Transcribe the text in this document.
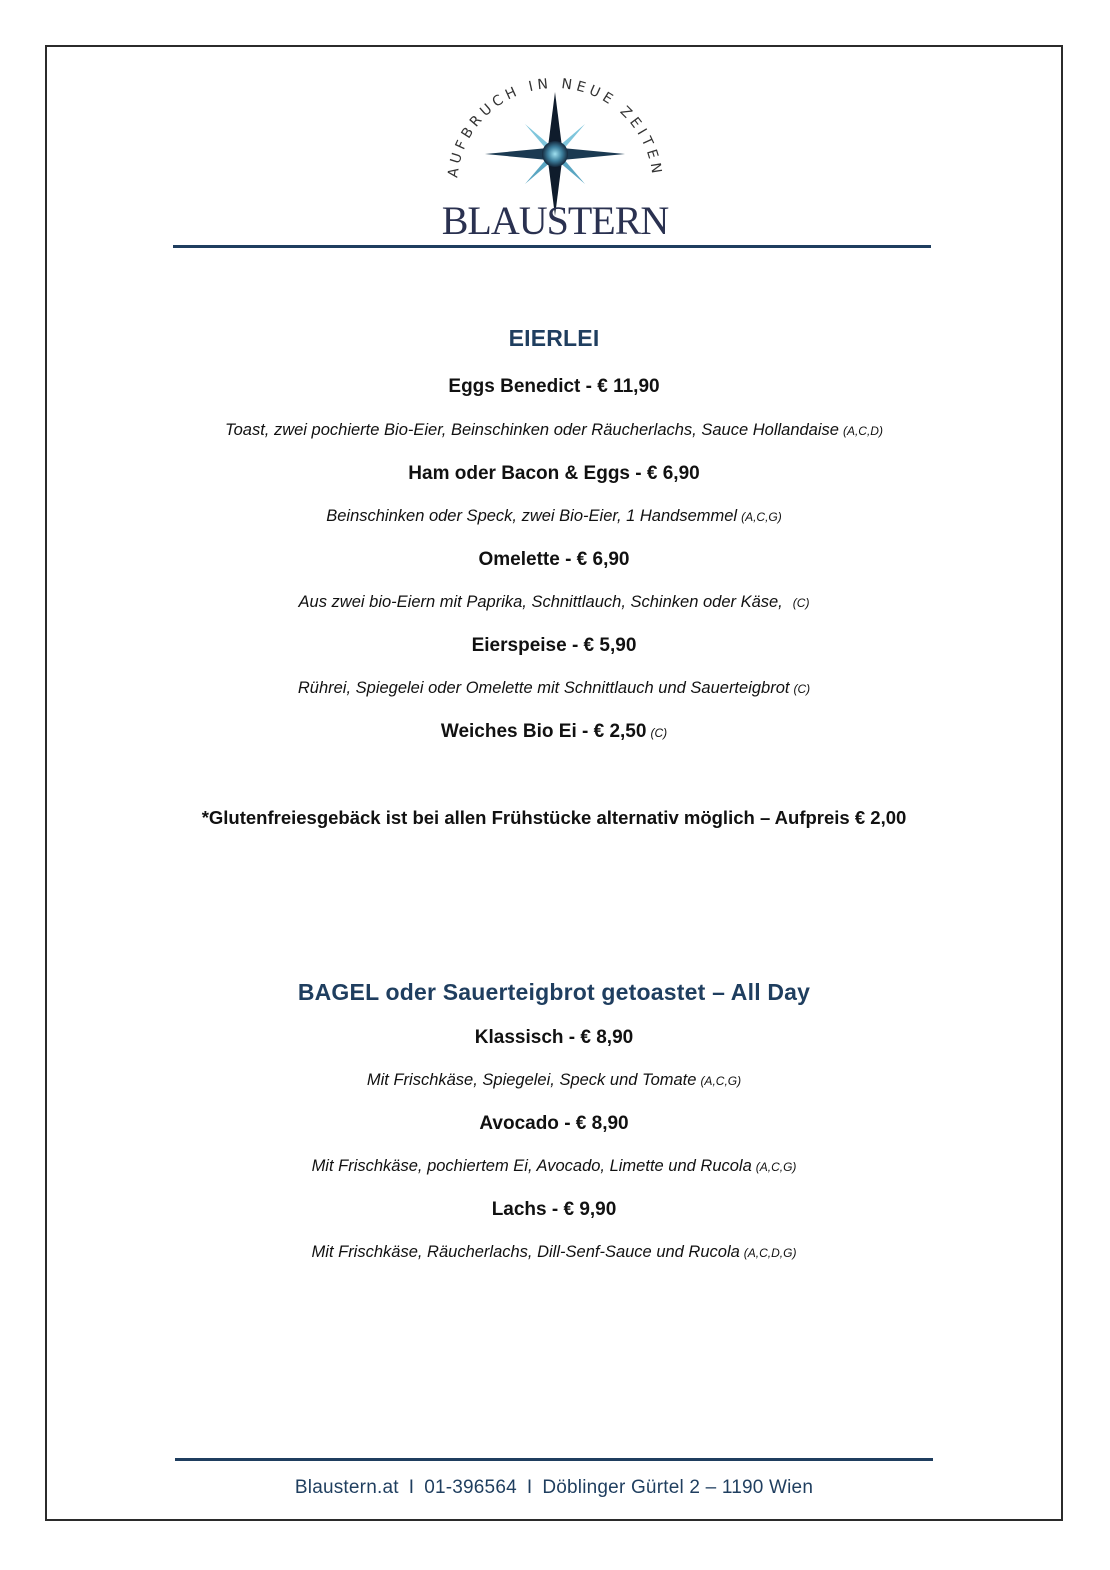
AUFBRUCH IN NEUE ZEITEN
BLAUSTERN
EIERLEI
Eggs Benedict - € 11,90
Toast, zwei pochierte Bio-Eier, Beinschinken oder Räucherlachs, Sauce Hollandaise (A,C,D)
Ham oder Bacon & Eggs - € 6,90
Beinschinken oder Speck, zwei Bio-Eier, 1 Handsemmel (A,C,G)
Omelette - € 6,90
Aus zwei bio-Eiern mit Paprika, Schnittlauch, Schinken oder Käse, (C)
Eierspeise - € 5,90
Rührei, Spiegelei oder Omelette mit Schnittlauch und Sauerteigbrot (C)
Weiches Bio Ei - € 2,50 (C)
*Glutenfreiesgebäck ist bei allen Frühstücke alternativ möglich – Aufpreis € 2,00
BAGEL oder Sauerteigbrot getoastet – All Day
Klassisch - € 8,90
Mit Frischkäse, Spiegelei, Speck und Tomate (A,C,G)
Avocado - € 8,90
Mit Frischkäse, pochiertem Ei, Avocado, Limette und Rucola (A,C,G)
Lachs - € 9,90
Mit Frischkäse, Räucherlachs, Dill-Senf-Sauce und Rucola (A,C,D,G)
Blaustern.at I 01-396564 I Döblinger Gürtel 2 – 1190 Wien
